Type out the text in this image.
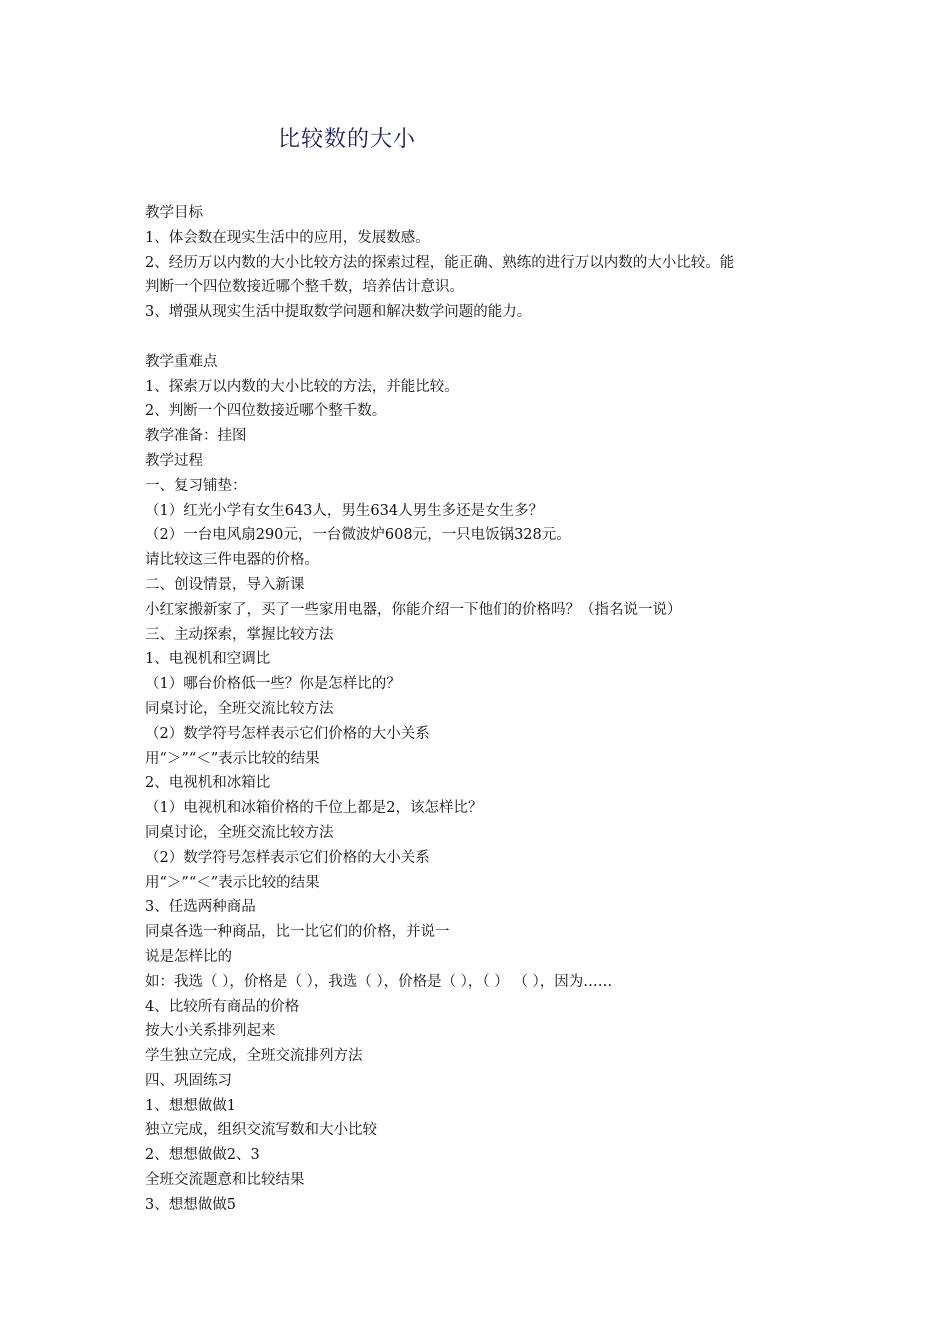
比较数的大小
教学目标
1、体会数在现实生活中的应用，发展数感。
2、经历万以内数的大小比较方法的探索过程，能正确、熟练的进行万以内数的大小比较。能
判断一个四位数接近哪个整千数，培养估计意识。
3、增强从现实生活中提取数学问题和解决数学问题的能力。
教学重难点
1、探索万以内数的大小比较的方法，并能比较。
2、判断一个四位数接近哪个整千数。
教学准备：挂图
教学过程
一、复习铺垫：
（1）红光小学有女生643人，男生634人男生多还是女生多？
（2）一台电风扇290元，一台微波炉608元，一只电饭锅328元。
请比较这三件电器的价格。
二、创设情景，导入新课
小红家搬新家了，买了一些家用电器，你能介绍一下他们的价格吗？（指名说一说）
三、主动探索，掌握比较方法
1、电视机和空调比
（1）哪台价格低一些？你是怎样比的？
同桌讨论，全班交流比较方法
（2）数学符号怎样表示它们价格的大小关系
用“＞”“＜”表示比较的结果
2、电视机和冰箱比
（1）电视机和冰箱价格的千位上都是2，该怎样比？
同桌讨论，全班交流比较方法
（2）数学符号怎样表示它们价格的大小关系
用“＞”“＜”表示比较的结果
3、任选两种商品
同桌各选一种商品，比一比它们的价格，并说一
说是怎样比的
如：我选（ ），价格是（ ），我选（ ），价格是（ ），（ ） （ ），因为……
4、比较所有商品的价格
按大小关系排列起来
学生独立完成，全班交流排列方法
四、巩固练习
1、想想做做1
独立完成，组织交流写数和大小比较
2、想想做做2、3
全班交流题意和比较结果
3、想想做做5
